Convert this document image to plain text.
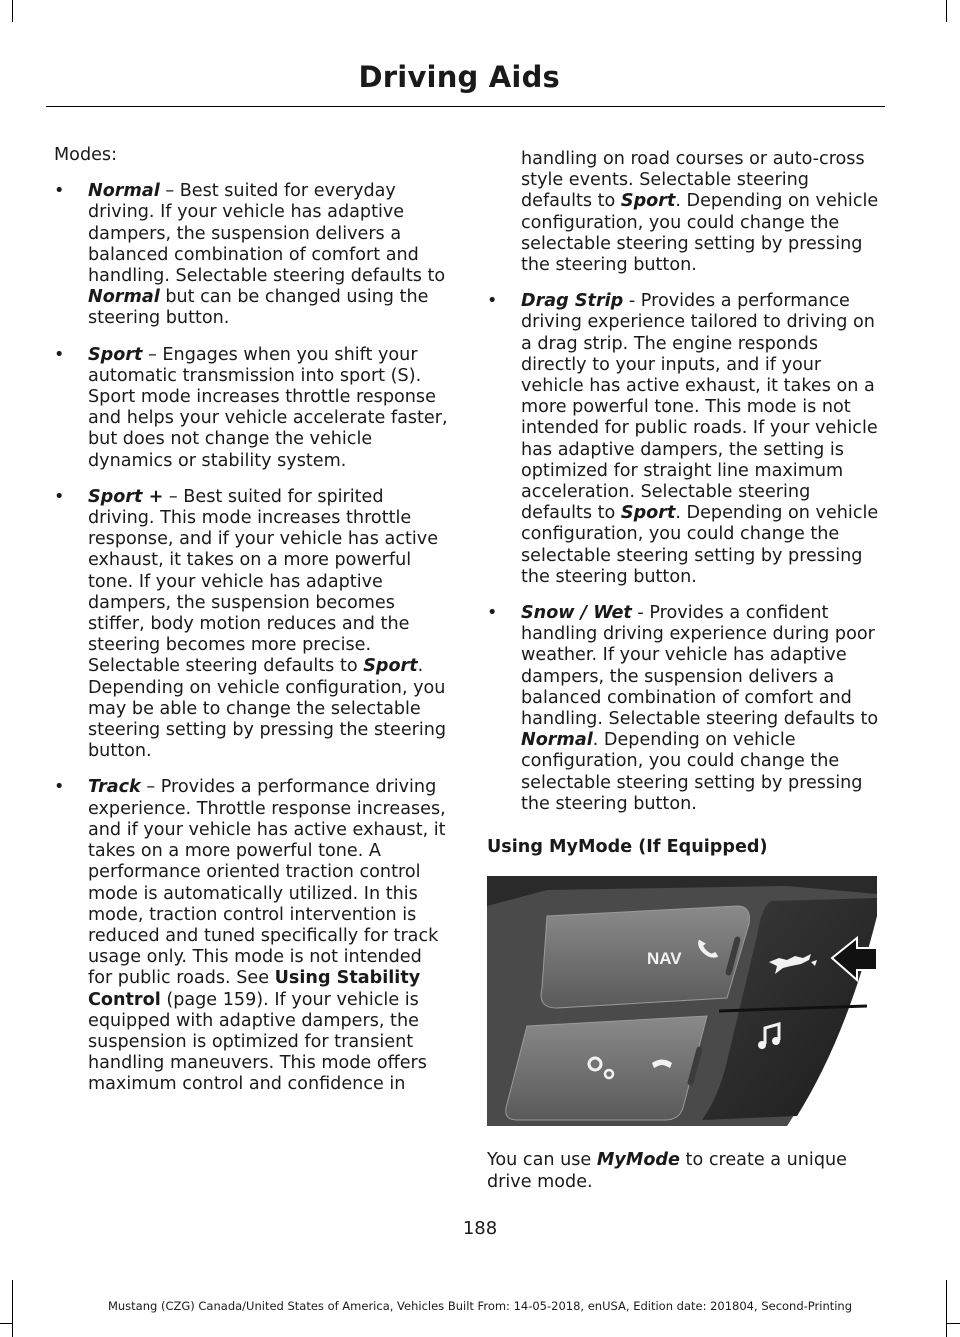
Driving Aids

Modes:

• Normal – Best suited for everyday driving. If your vehicle has adaptive dampers, the suspension delivers a balanced combination of comfort and handling. Selectable steering defaults to Normal but can be changed using the steering button.
• Sport – Engages when you shift your automatic transmission into sport (S). Sport mode increases throttle response and helps your vehicle accelerate faster, but does not change the vehicle dynamics or stability system.
• Sport + – Best suited for spirited driving. This mode increases throttle response, and if your vehicle has active exhaust, it takes on a more powerful tone. If your vehicle has adaptive dampers, the suspension becomes stiffer, body motion reduces and the steering becomes more precise. Selectable steering defaults to Sport. Depending on vehicle configuration, you may be able to change the selectable steering setting by pressing the steering button.
• Track – Provides a performance driving experience. Throttle response increases, and if your vehicle has active exhaust, it takes on a more powerful tone. A performance oriented traction control mode is automatically utilized. In this mode, traction control intervention is reduced and tuned specifically for track usage only. This mode is not intended for public roads. See Using Stability Control (page 159). If your vehicle is equipped with adaptive dampers, the suspension is optimized for transient handling maneuvers. This mode offers maximum control and confidence in

handling on road courses or auto-cross style events. Selectable steering defaults to Sport. Depending on vehicle configuration, you could change the selectable steering setting by pressing the steering button.

• Drag Strip - Provides a performance driving experience tailored to driving on a drag strip. The engine responds directly to your inputs, and if your vehicle has active exhaust, it takes on a more powerful tone. This mode is not intended for public roads. If your vehicle has adaptive dampers, the setting is optimized for straight line maximum acceleration. Selectable steering defaults to Sport. Depending on vehicle configuration, you could change the selectable steering setting by pressing the steering button.
• Snow / Wet - Provides a confident handling driving experience during poor weather. If your vehicle has adaptive dampers, the suspension delivers a balanced combination of comfort and handling. Selectable steering defaults to Normal. Depending on vehicle configuration, you could change the selectable steering setting by pressing the steering button.
Using MyMode (If Equipped)
NAV

You can use MyMode to create a unique drive mode.

188
Mustang (CZG) Canada/United States of America, Vehicles Built From: 14-05-2018, enUSA, Edition date: 201804, Second-Printing
